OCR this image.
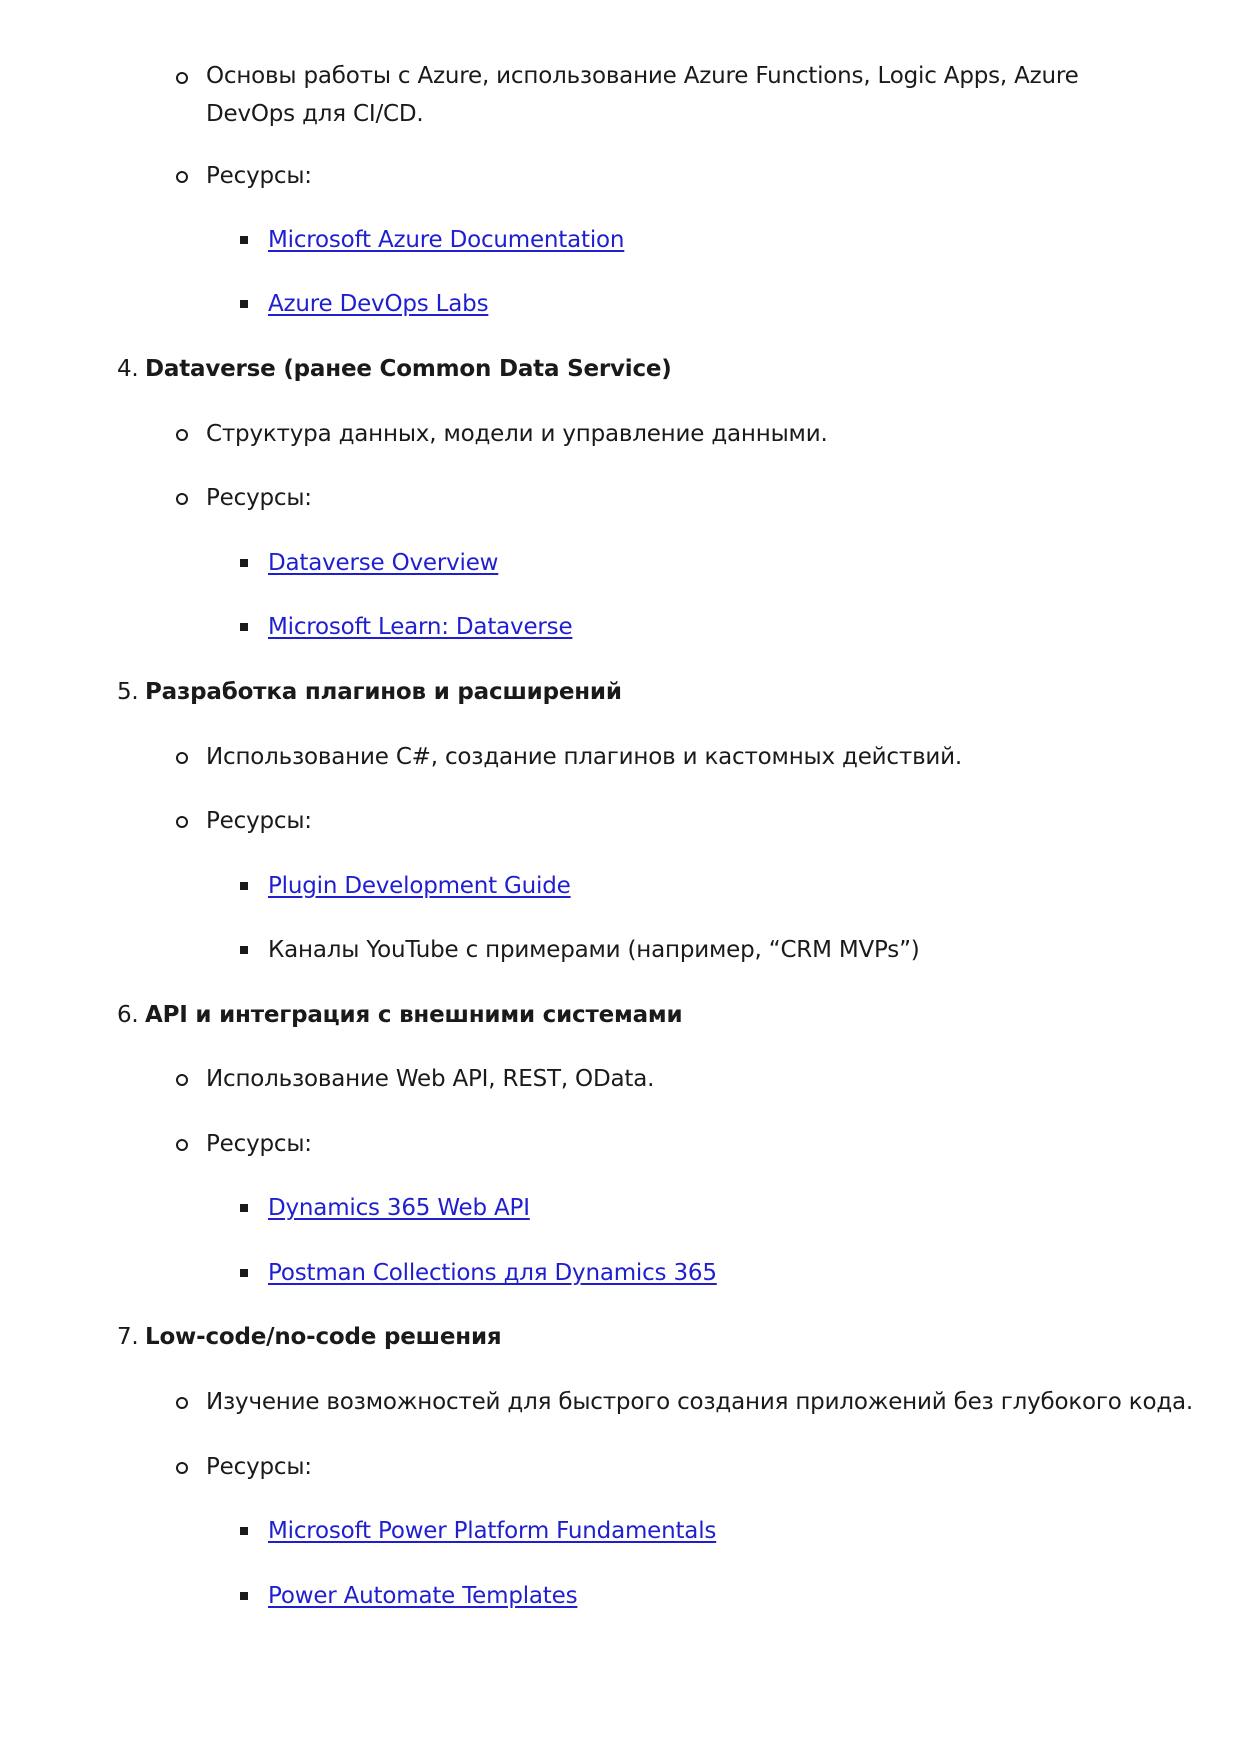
Основы работы с Azure, использование Azure Functions, Logic Apps, Azure DevOps для CI/CD.
Ресурсы:
Microsoft Azure Documentation
Azure DevOps Labs
4. Dataverse (ранее Common Data Service)
Структура данных, модели и управление данными.
Ресурсы:
Dataverse Overview
Microsoft Learn: Dataverse
5. Разработка плагинов и расширений
Использование C#, создание плагинов и кастомных действий.
Ресурсы:
Plugin Development Guide
Каналы YouTube с примерами (например, “CRM MVPs”)
6. API и интеграция с внешними системами
Использование Web API, REST, OData.
Ресурсы:
Dynamics 365 Web API
Postman Collections для Dynamics 365
7. Low-code/no-code решения
Изучение возможностей для быстрого создания приложений без глубокого кода.
Ресурсы:
Microsoft Power Platform Fundamentals
Power Automate Templates
